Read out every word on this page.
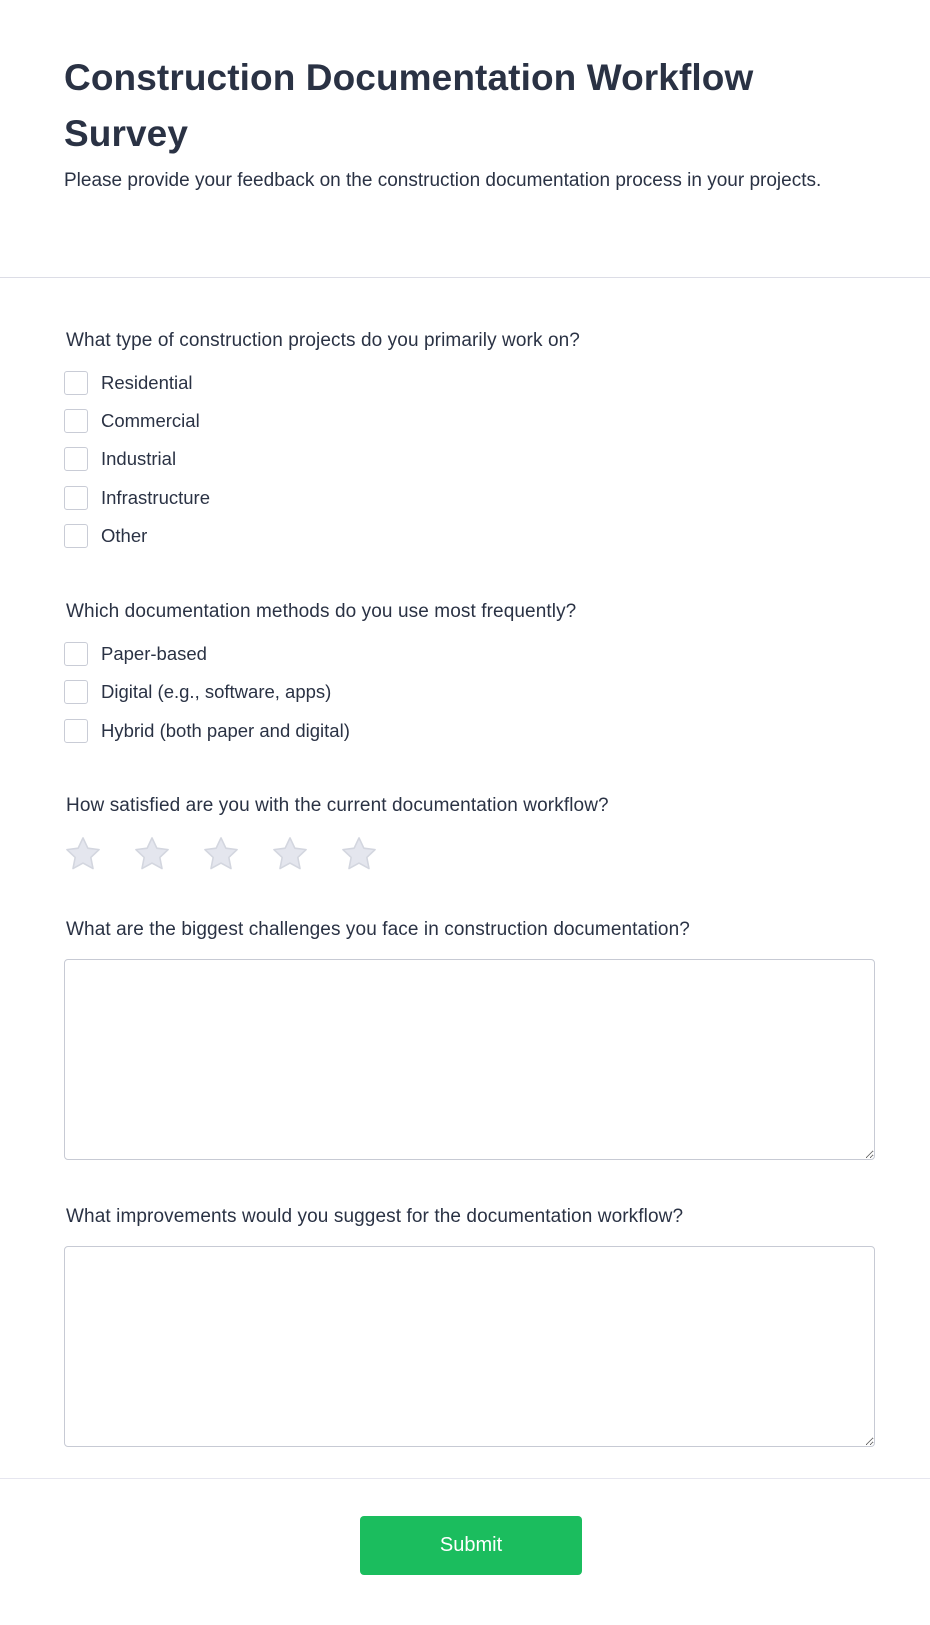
Construction Documentation Workflow Survey

Please provide your feedback on the construction documentation process in your projects.

What type of construction projects do you primarily work on?

Residential
Commercial
Industrial
Infrastructure
Other

Which documentation methods do you use most frequently?

Paper-based
Digital (e.g., software, apps)
Hybrid (both paper and digital)

How satisfied are you with the current documentation workflow?

What are the biggest challenges you face in construction documentation?

What improvements would you suggest for the documentation workflow?

Submit
